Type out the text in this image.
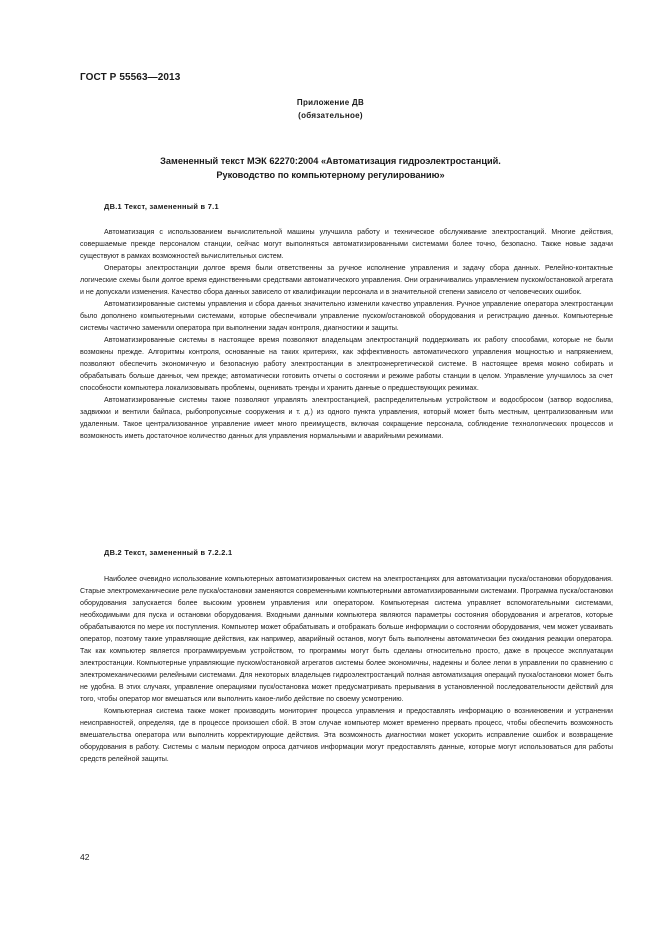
ГОСТ Р 55563—2013
Приложение ДВ
(обязательное)
Замененный текст МЭК 62270:2004 «Автоматизация гидроэлектростанций.
Руководство по компьютерному регулированию»
ДВ.1 Текст, замененный в 7.1

Автоматизация с использованием вычислительной машины улучшила работу и техническое обслуживание электростанций. Многие действия, совершаемые прежде персоналом станции, сейчас могут выполняться автоматизированными системами более точно, безопасно. Также новые задачи существуют в рамках возможностей вычислительных систем.

Операторы электростанции долгое время были ответственны за ручное исполнение управления и задачу сбора данных. Релейно-контактные логические схемы были долгое время единственными средствами автоматического управления. Они ограничивались управлением пуском/остановкой агрегата и не допускали изменения. Качество сбора данных зависело от квалификации персонала и в значительной степени зависело от человеческих ошибок.

Автоматизированные системы управления и сбора данных значительно изменили качество управления. Ручное управление оператора электростанции было дополнено компьютерными системами, которые обеспечивали управление пуском/остановкой оборудования и регистрацию данных. Компьютерные системы частично заменили оператора при выполнении задач контроля, диагностики и защиты.

Автоматизированные системы в настоящее время позволяют владельцам электростанций поддерживать их работу способами, которые не были возможны прежде. Алгоритмы контроля, основанные на таких критериях, как эффективность автоматического управления мощностью и напряжением, позволяют обеспечить экономичную и безопасную работу электростанции в электроэнергетической системе. В настоящее время можно собирать и обрабатывать больше данных, чем прежде; автоматически готовить отчеты о состоянии и режиме работы станции в целом. Управление улучшилось за счет способности компьютера локализовывать проблемы, оценивать тренды и хранить данные о предшествующих режимах.

Автоматизированные системы также позволяют управлять электростанцией, распределительным устройством и водосбросом (затвор водослива, задвижки и вентили байпаса, рыбопропускные сооружения и т. д.) из одного пункта управления, который может быть местным, централизованным или удаленным. Такое централизованное управление имеет много преимуществ, включая сокращение персонала, соблюдение технологических процессов и возможность иметь достаточное количество данных для управления нормальными и аварийными режимами.

ДВ.2 Текст, замененный в 7.2.2.1

Наиболее очевидно использование компьютерных автоматизированных систем на электростанциях для автоматизации пуска/остановки оборудования. Старые электромеханические реле пуска/остановки заменяются современными компьютерными автоматизированными системами. Программа пуска/остановки оборудования запускается более высоким уровнем управления или оператором. Компьютерная система управляет вспомогательными системами, необходимыми для пуска и остановки оборудования. Входными данными компьютера являются параметры состояния оборудования и агрегатов, которые обрабатываются по мере их поступления. Компьютер может обрабатывать и отображать больше информации о состоянии оборудования, чем может усваивать оператор, поэтому такие управляющие действия, как например, аварийный останов, могут быть выполнены автоматически без ожидания реакции оператора. Так как компьютер является программируемым устройством, то программы могут быть сделаны относительно просто, даже в процессе эксплуатации электростанции. Компьютерные управляющие пуском/остановкой агрегатов системы более экономичны, надежны и более легки в управлении по сравнению с электромеханическими релейными системами. Для некоторых владельцев гидроэлектростанций полная автоматизация операций пуска/остановки может быть не удобна. В этих случаях, управление операциями пуск/остановка может предусматривать прерывания в установленной последовательности действий для того, чтобы оператор мог вмешаться или выполнить какое-либо действие по своему усмотрению.

Компьютерная система также может производить мониторинг процесса управления и предоставлять информацию о возникновении и устранении неисправностей, определяя, где в процессе произошел сбой. В этом случае компьютер может временно прервать процесс, чтобы обеспечить возможность вмешательства оператора или выполнить корректирующие действия. Эта возможность диагностики может ускорить исправление ошибок и возвращение оборудования в работу. Системы с малым периодом опроса датчиков информации могут предоставлять данные, которые могут использоваться для работы средств релейной защиты.

42
